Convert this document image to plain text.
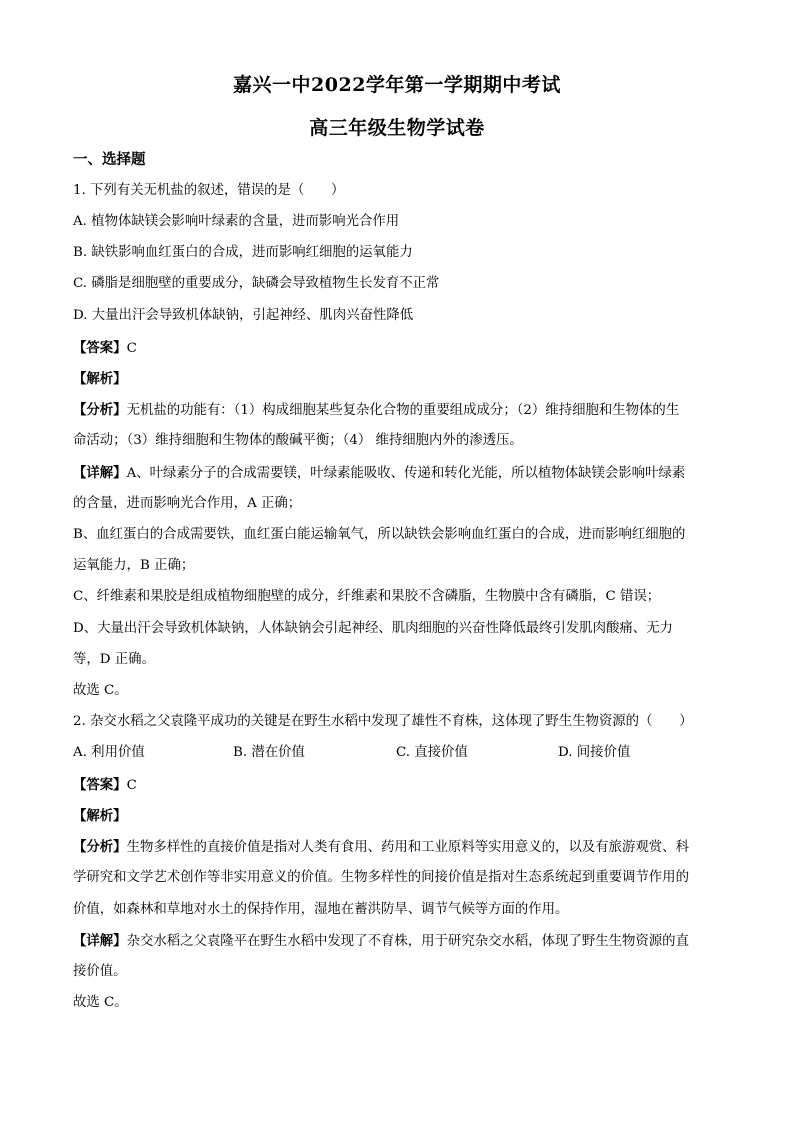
嘉兴一中2022学年第一学期期中考试
高三年级生物学试卷
一、选择题
1. 下列有关无机盐的叙述，错误的是（　　）
A. 植物体缺镁会影响叶绿素的含量，进而影响光合作用
B. 缺铁影响血红蛋白的合成，进而影响红细胞的运氧能力
C. 磷脂是细胞壁的重要成分，缺磷会导致植物生长发育不正常
D. 大量出汗会导致机体缺钠，引起神经、肌肉兴奋性降低
【答案】C
【解析】
【分析】无机盐的功能有：（1）构成细胞某些复杂化合物的重要组成成分；（2）维持细胞和生物体的生
命活动；（3）维持细胞和生物体的酸碱平衡；（4） 维持细胞内外的渗透压。
【详解】A、叶绿素分子的合成需要镁，叶绿素能吸收、传递和转化光能，所以植物体缺镁会影响叶绿素
的含量，进而影响光合作用，A 正确；
B、血红蛋白的合成需要铁，血红蛋白能运输氧气，所以缺铁会影响血红蛋白的合成，进而影响红细胞的
运氧能力，B 正确；
C、纤维素和果胶是组成植物细胞壁的成分，纤维素和果胶不含磷脂，生物膜中含有磷脂，C 错误；
D、大量出汗会导致机体缺钠，人体缺钠会引起神经、肌肉细胞的兴奋性降低最终引发肌肉酸痛、无力
等，D 正确。
故选 C。
2. 杂交水稻之父袁隆平成功的关键是在野生水稻中发现了雄性不育株，这体现了野生生物资源的（　　）
A. 利用价值	B. 潜在价值	C. 直接价值	D. 间接价值
【答案】C
【解析】
【分析】生物多样性的直接价值是指对人类有食用、药用和工业原料等实用意义的，以及有旅游观赏、科
学研究和文学艺术创作等非实用意义的价值。生物多样性的间接价值是指对生态系统起到重要调节作用的
价值，如森林和草地对水土的保持作用，湿地在蓄洪防旱、调节气候等方面的作用。
【详解】杂交水稻之父袁隆平在野生水稻中发现了不育株，用于研究杂交水稻，体现了野生生物资源的直
接价值。
故选 C。
